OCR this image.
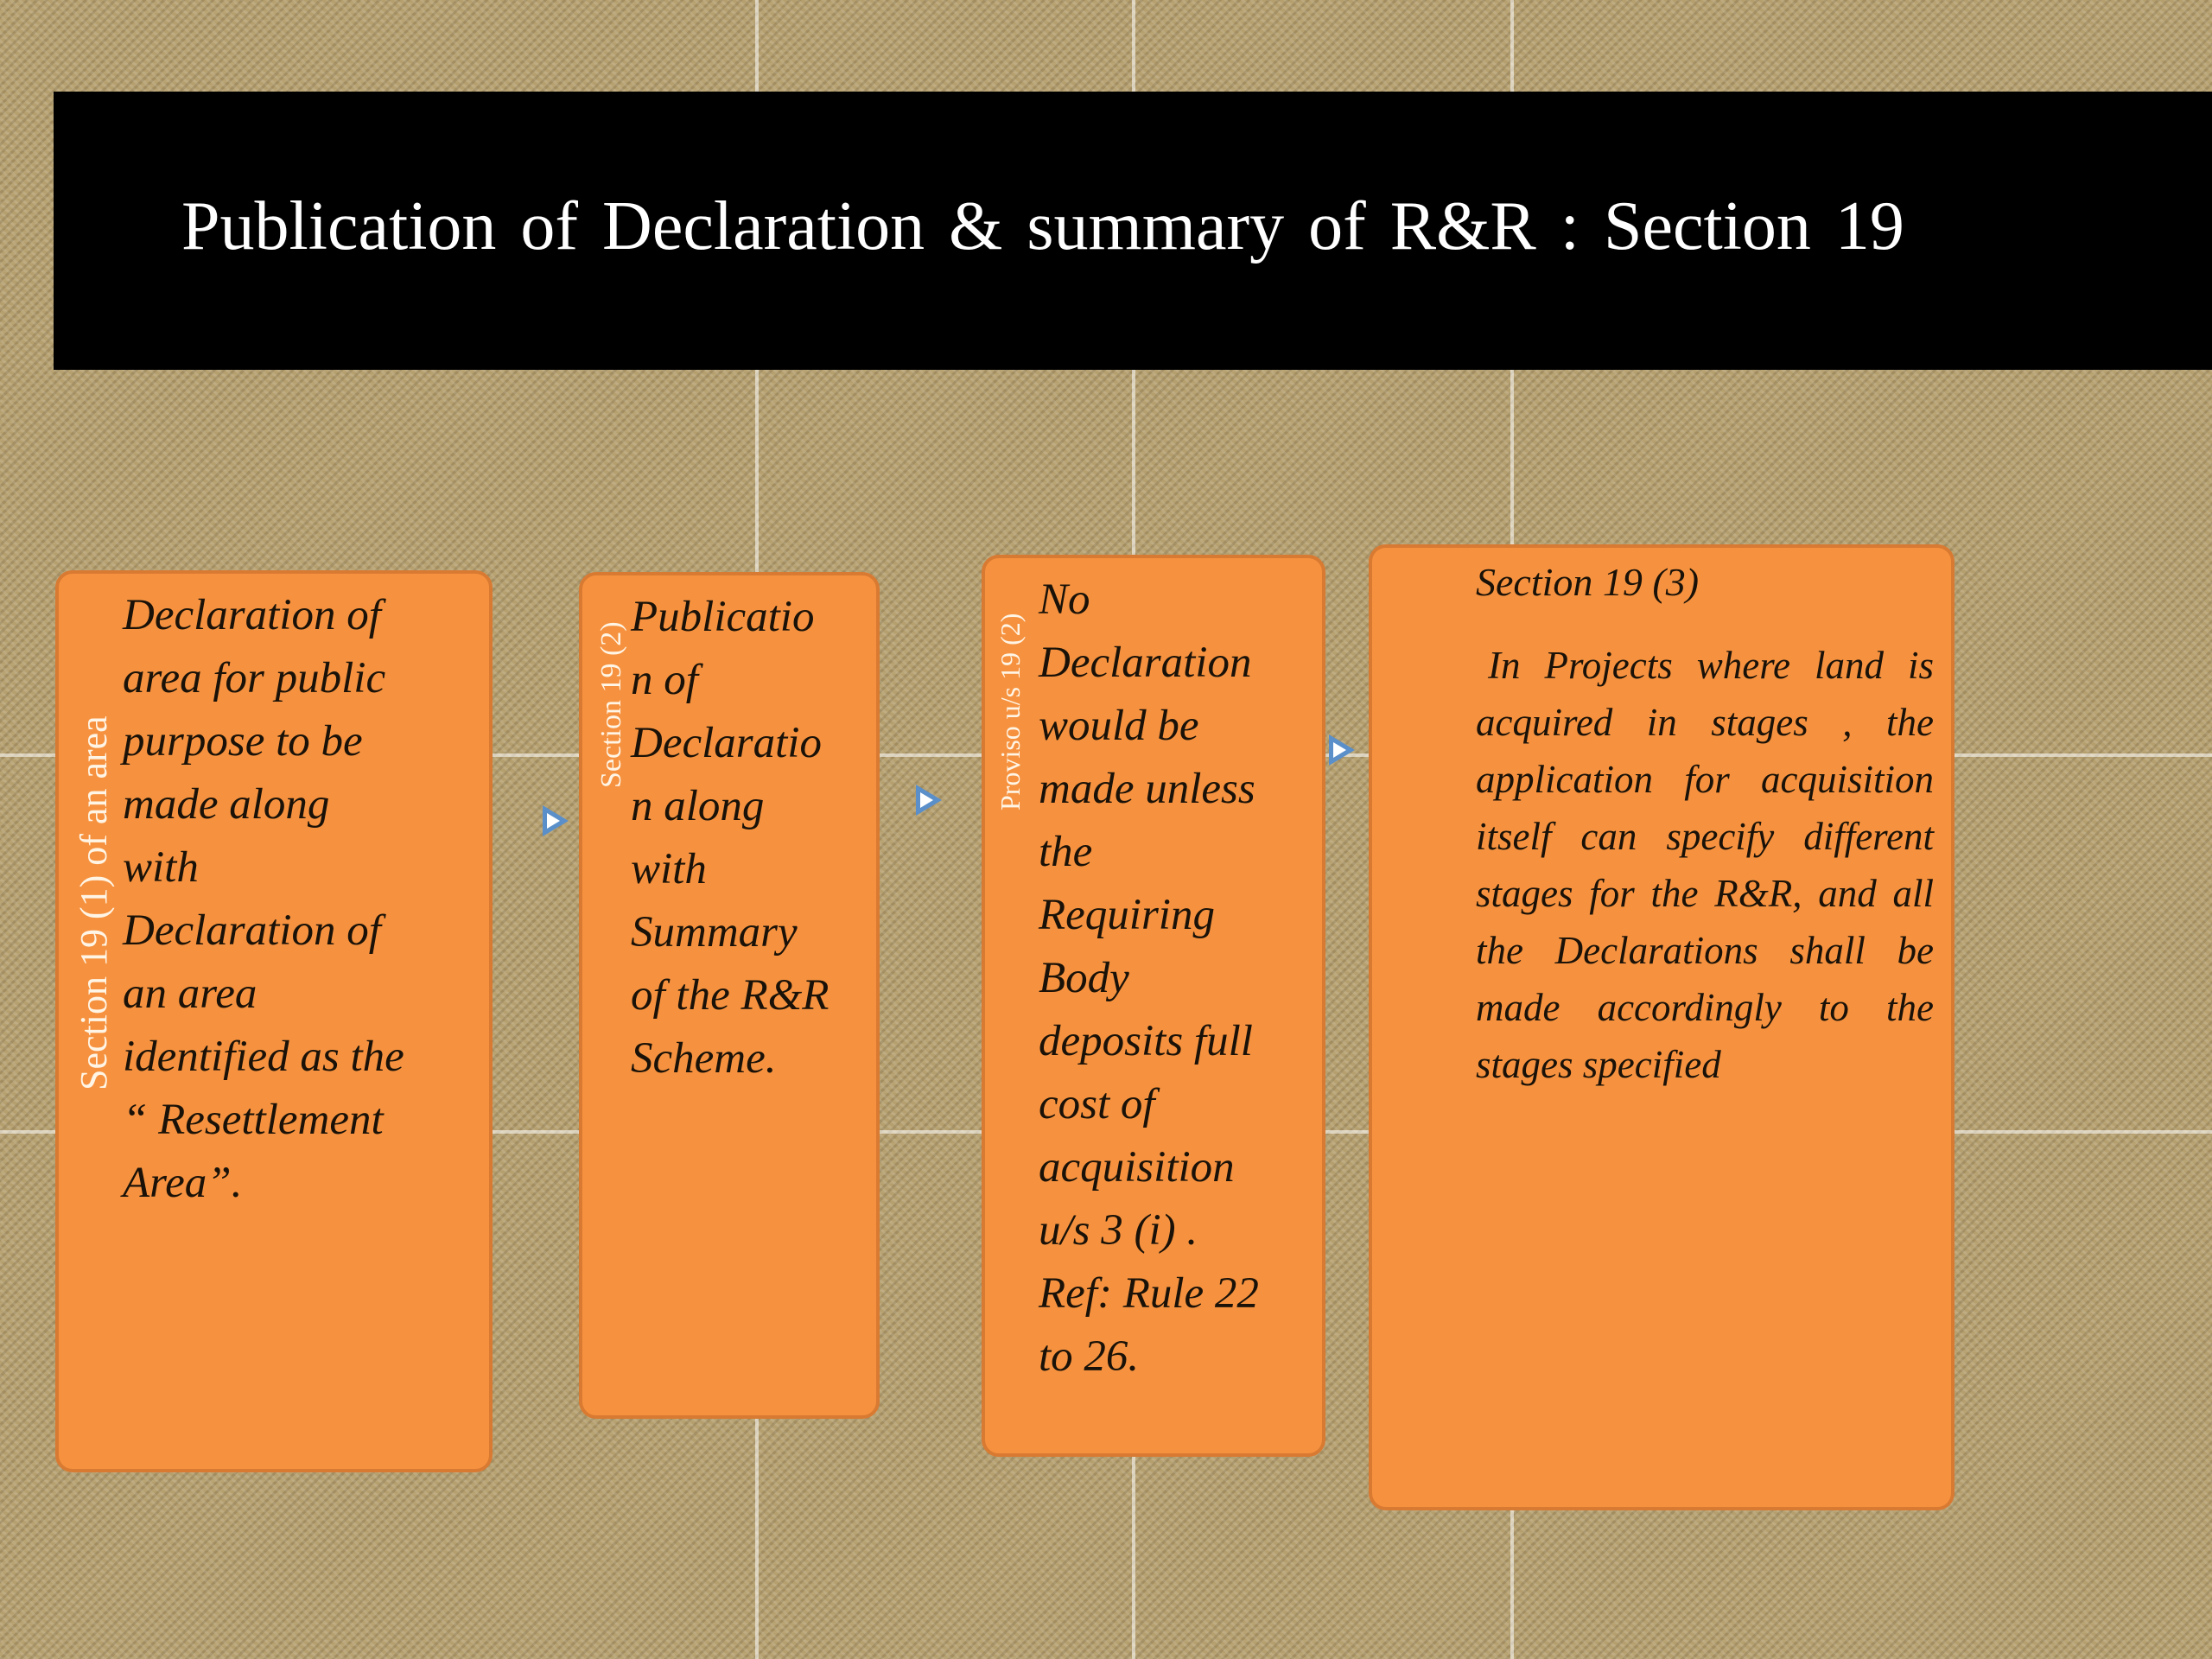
Publication of Declaration & summary of R&R : Section 19
Section 19 (1) of an area
Declaration of
area for public
purpose to be
made along
with
Declaration of
an area
identified as the
“ Resettlement
Area”.
Section 19 (2)
Publicatio
n of
Declaratio
n along
with
Summary
of the R&R
Scheme.
Proviso u/s 19 (2)
No
Declaration
would be
made unless
the
Requiring
Body
deposits full
cost of
acquisition
u/s 3 (i) .
Ref: Rule 22
to 26.
Section 19 (3)
In Projects where land is acquired in stages , the application for acquisition itself can specify different stages for the R&R, and all the Declarations shall be made accordingly to the stages specified
